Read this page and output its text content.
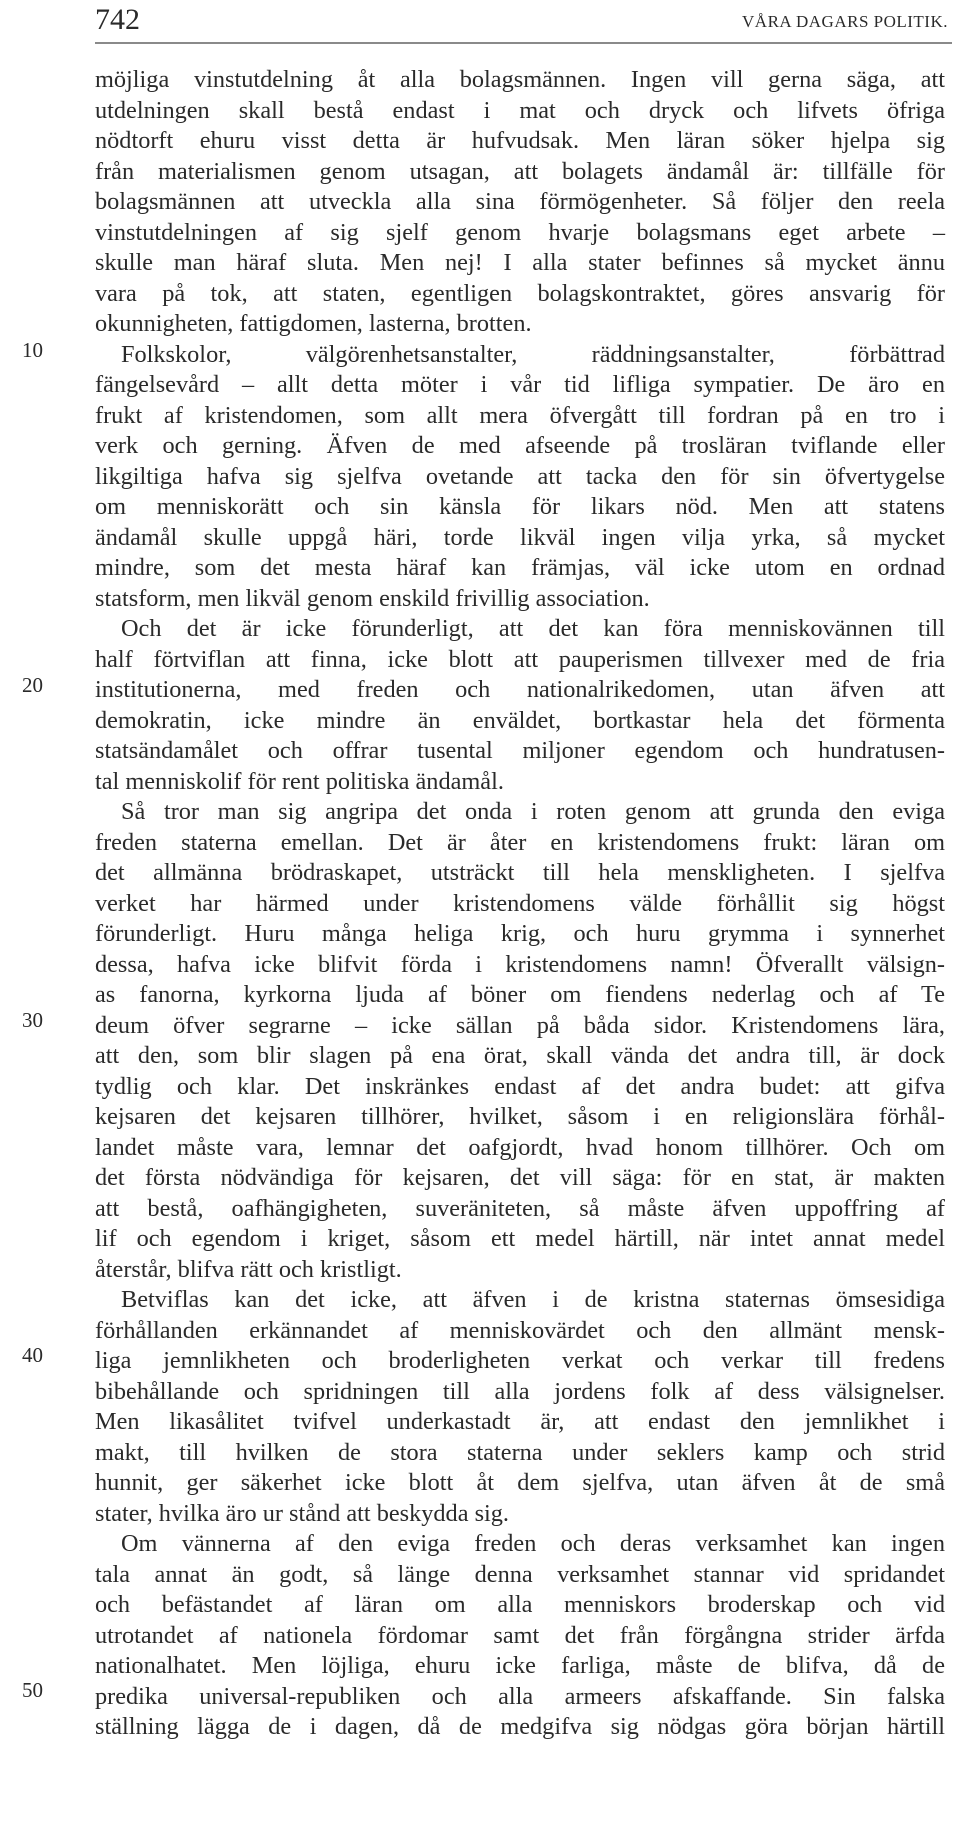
742	VÅRA DAGARS POLITIK.
10
20
30
40
50
möjliga vinstutdelning åt alla bolagsmännen. Ingen vill gerna säga, att
utdelningen skall bestå endast i mat och dryck och lifvets öfriga
nödtorft ehuru visst detta är hufvudsak. Men läran söker hjelpa sig
från materialismen genom utsagan, att bolagets ändamål är: tillfälle för
bolagsmännen att utveckla alla sina förmögenheter. Så följer den reela
vinstutdelningen af sig sjelf genom hvarje bolagsmans eget arbete –
skulle man häraf sluta. Men nej! I alla stater befinnes så mycket ännu
vara på tok, att staten, egentligen bolagskontraktet, göres ansvarig för
okunnigheten, fattigdomen, lasterna, brotten.
Folkskolor, välgörenhetsanstalter, räddningsanstalter, förbättrad
fängelsevård – allt detta möter i vår tid lifliga sympatier. De äro en
frukt af kristendomen, som allt mera öfvergått till fordran på en tro i
verk och gerning. Äfven de med afseende på trosläran tviflande eller
likgiltiga hafva sig sjelfva ovetande att tacka den för sin öfvertygelse
om menniskorätt och sin känsla för likars nöd. Men att statens
ändamål skulle uppgå häri, torde likväl ingen vilja yrka, så mycket
mindre, som det mesta häraf kan främjas, väl icke utom en ordnad
statsform, men likväl genom enskild frivillig association.
Och det är icke förunderligt, att det kan föra menniskovännen till
half förtviflan att finna, icke blott att pauperismen tillvexer med de fria
institutionerna, med freden och nationalrikedomen, utan äfven att
demokratin, icke mindre än enväldet, bortkastar hela det förmenta
statsändamålet och offrar tusental miljoner egendom och hundratusen-
tal menniskolif för rent politiska ändamål.
Så tror man sig angripa det onda i roten genom att grunda den eviga
freden staterna emellan. Det är åter en kristendomens frukt: läran om
det allmänna brödraskapet, utsträckt till hela menskligheten. I sjelfva
verket har härmed under kristendomens välde förhållit sig högst
förunderligt. Huru många heliga krig, och huru grymma i synnerhet
dessa, hafva icke blifvit förda i kristendomens namn! Öfverallt välsign-
as fanorna, kyrkorna ljuda af böner om fiendens nederlag och af Te
deum öfver segrarne – icke sällan på båda sidor. Kristendomens lära,
att den, som blir slagen på ena örat, skall vända det andra till, är dock
tydlig och klar. Det inskränkes endast af det andra budet: att gifva
kejsaren det kejsaren tillhörer, hvilket, såsom i en religionslära förhål-
landet måste vara, lemnar det oafgjordt, hvad honom tillhörer. Och om
det första nödvändiga för kejsaren, det vill säga: för en stat, är makten
att bestå, oafhängigheten, suveräniteten, så måste äfven uppoffring af
lif och egendom i kriget, såsom ett medel härtill, när intet annat medel
återstår, blifva rätt och kristligt.
Betviflas kan det icke, att äfven i de kristna staternas ömsesidiga
förhållanden erkännandet af menniskovärdet och den allmänt mensk-
liga jemnlikheten och broderligheten verkat och verkar till fredens
bibehållande och spridningen till alla jordens folk af dess välsignelser.
Men likasålitet tvifvel underkastadt är, att endast den jemnlikhet i
makt, till hvilken de stora staterna under seklers kamp och strid
hunnit, ger säkerhet icke blott åt dem sjelfva, utan äfven åt de små
stater, hvilka äro ur stånd att beskydda sig.
Om vännerna af den eviga freden och deras verksamhet kan ingen
tala annat än godt, så länge denna verksamhet stannar vid spridandet
och befästandet af läran om alla menniskors broderskap och vid
utrotandet af nationela fördomar samt det från förgångna strider ärfda
nationalhatet. Men löjliga, ehuru icke farliga, måste de blifva, då de
predika universal-republiken och alla armeers afskaffande. Sin falska
ställning lägga de i dagen, då de medgifva sig nödgas göra början härtill
